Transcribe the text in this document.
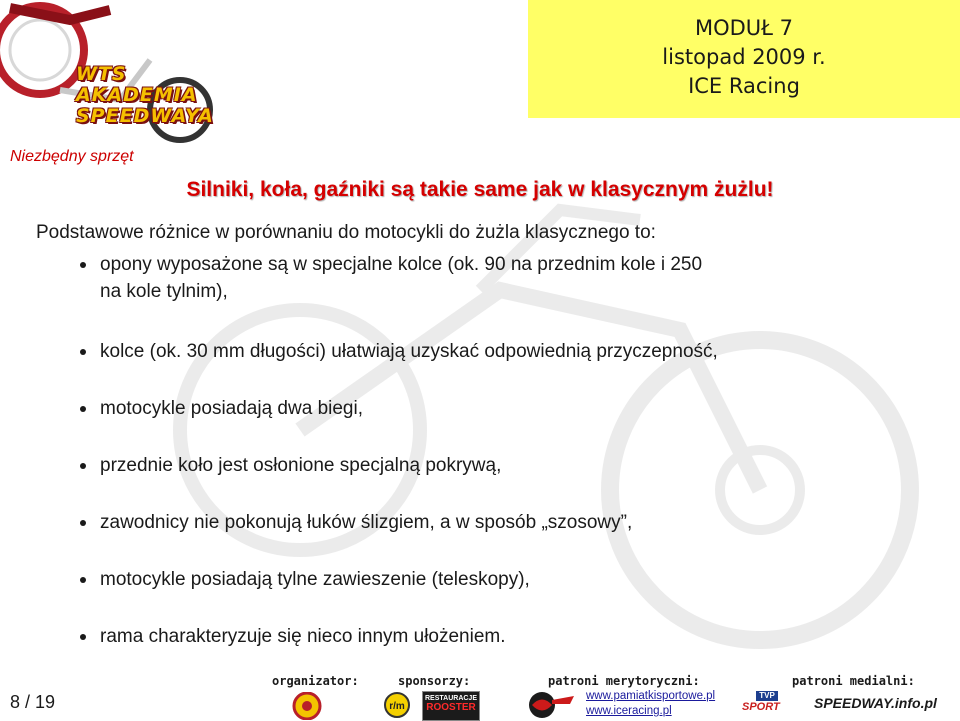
WTS
AKADEMIA
SPEEDWAYA
Niezbędny sprzęt
MODUŁ 7
listopad 2009 r.
ICE Racing
Silniki, koła, gaźniki są takie same jak w klasycznym żużlu!
Podstawowe różnice w porównaniu do motocykli do żużla klasycznego to:
opony wyposażone są w specjalne kolce (ok. 90 na przednim kole i 250
na kole tylnim),
kolce (ok. 30 mm długości) ułatwiają uzyskać odpowiednią przyczepność,
motocykle posiadają dwa biegi,
przednie koło jest osłonione specjalną pokrywą,
zawodnicy nie pokonują łuków ślizgiem, a w sposób „szosowy”,
motocykle posiadają tylne zawieszenie (teleskopy),
rama charakteryzuje się nieco innym ułożeniem.
8 / 19
organizator:	sponsorzy:	patroni merytoryczni:	patroni medialni:
r/m
RESTAURACJE
ROOSTER
www.pamiatkisportowe.pl
www.iceracing.pl
TVP
SPORT	SPEEDWAY.info.pl
